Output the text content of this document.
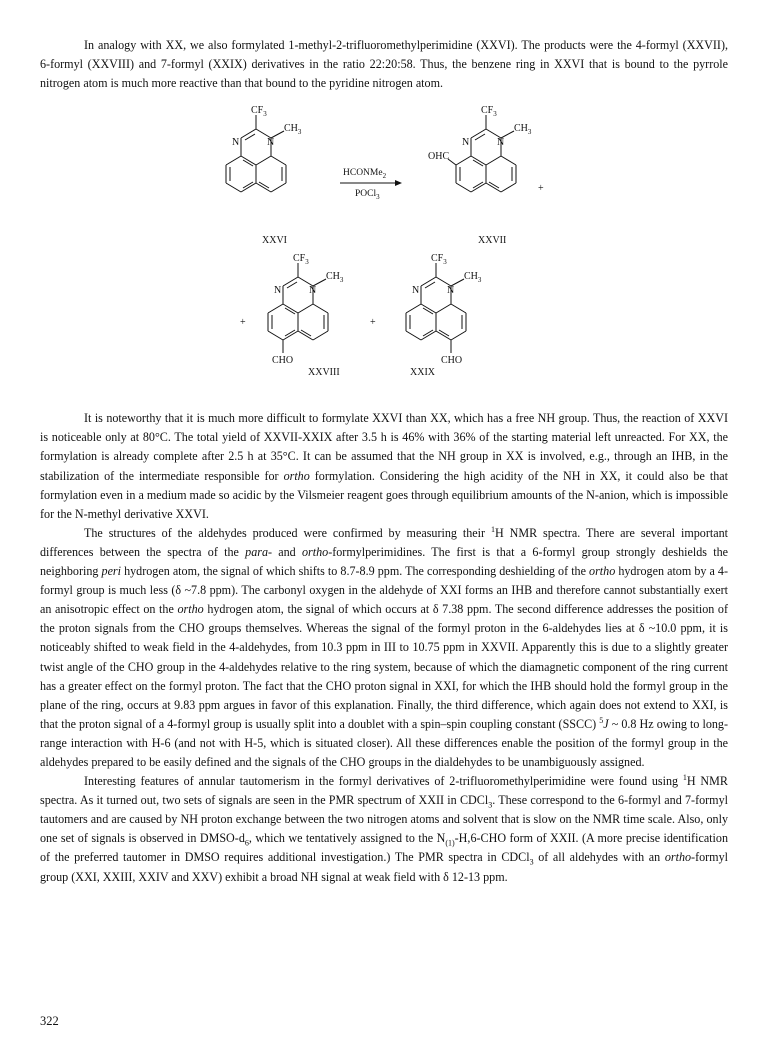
In analogy with XX, we also formylated 1-methyl-2-trifluoromethylperimidine (XXVI). The products were the 4-formyl (XXVII), 6-formyl (XXVIII) and 7-formyl (XXIX) derivatives in the ratio 22:20:58. Thus, the benzene ring in XXVI that is bound to the pyrrole nitrogen atom is much more reactive than that bound to the pyridine nitrogen atom.

$CF_3$
N	N
$CH_3$
XXVI
HCONMe$_2$
POCl$_3$
$CF_3$
N	N
$CH_3$
OHC
+
XXVII
+
$CF_3$
N	N
$CH_3$
CHO
XXVIII
+
$CF_3$
N	N
$CH_3$
CHO
XXIX

It is noteworthy that it is much more difficult to formylate XXVI than XX, which has a free NH group. Thus, the reaction of XXVI is noticeable only at 80°C. The total yield of XXVII-XXIX after 3.5 h is 46% with 36% of the starting material left unreacted. For XX, the formylation is already complete after 2.5 h at 35°C. It can be assumed that the NH group in XX is involved, e.g., through an IHB, in the stabilization of the intermediate responsible for ortho formylation. Considering the high acidity of the NH in XX, it could also be that formylation even in a medium made so acidic by the Vilsmeier reagent goes through equilibrium amounts of the N-anion, which is impossible for the N-methyl derivative XXVI.

The structures of the aldehydes produced were confirmed by measuring their $^1$H NMR spectra. There are several important differences between the spectra of the para- and ortho-formylperimidines. The first is that a 6-formyl group strongly deshields the neighboring peri hydrogen atom, the signal of which shifts to 8.7-8.9 ppm. The corresponding deshielding of the ortho hydrogen atom by a 4-formyl group is much less (δ ~7.8 ppm). The carbonyl oxygen in the aldehyde of XXI forms an IHB and therefore cannot substantially exert an anisotropic effect on the ortho hydrogen atom, the signal of which occurs at δ 7.38 ppm. The second difference addresses the position of the proton signals from the CHO groups themselves. Whereas the signal of the formyl proton in the 6-aldehydes lies at δ ~10.0 ppm, it is noticeably shifted to weak field in the 4-aldehydes, from 10.3 ppm in III to 10.75 ppm in XXVII. Apparently this is due to a slightly greater twist angle of the CHO group in the 4-aldehydes relative to the ring system, because of which the diamagnetic component of the ring current has a greater effect on the formyl proton. The fact that the CHO proton signal in XXI, for which the IHB should hold the formyl group in the plane of the ring, occurs at 9.83 ppm argues in favor of this explanation. Finally, the third difference, which again does not extend to XXI, is that the proton signal of a 4-formyl group is usually split into a doublet with a spin–spin coupling constant (SSCC) $^5$J ~ 0.8 Hz owing to long-range interaction with H-6 (and not with H-5, which is situated closer). All these differences enable the position of the formyl group in the aldehydes prepared to be easily defined and the signals of the CHO groups in the dialdehydes to be unambiguously assigned.

Interesting features of annular tautomerism in the formyl derivatives of 2-trifluoromethylperimidine were found using $^1$H NMR spectra. As it turned out, two sets of signals are seen in the PMR spectrum of XXII in CDCl$_3$. These correspond to the 6-formyl and 7-formyl tautomers and are caused by NH proton exchange between the two nitrogen atoms and solvent that is slow on the NMR time scale. Also, only one set of signals is observed in DMSO-$d_6$, which we tentatively assigned to the $N_{(1)}-H,6$-CHO form of XXII. (A more precise identification of the preferred tautomer in DMSO requires additional investigation.) The PMR spectra in CDCl$_3$ of all aldehydes with an ortho-formyl group (XXI, XXIII, XXIV and XXV) exhibit a broad NH signal at weak field with δ 12-13 ppm.

322
